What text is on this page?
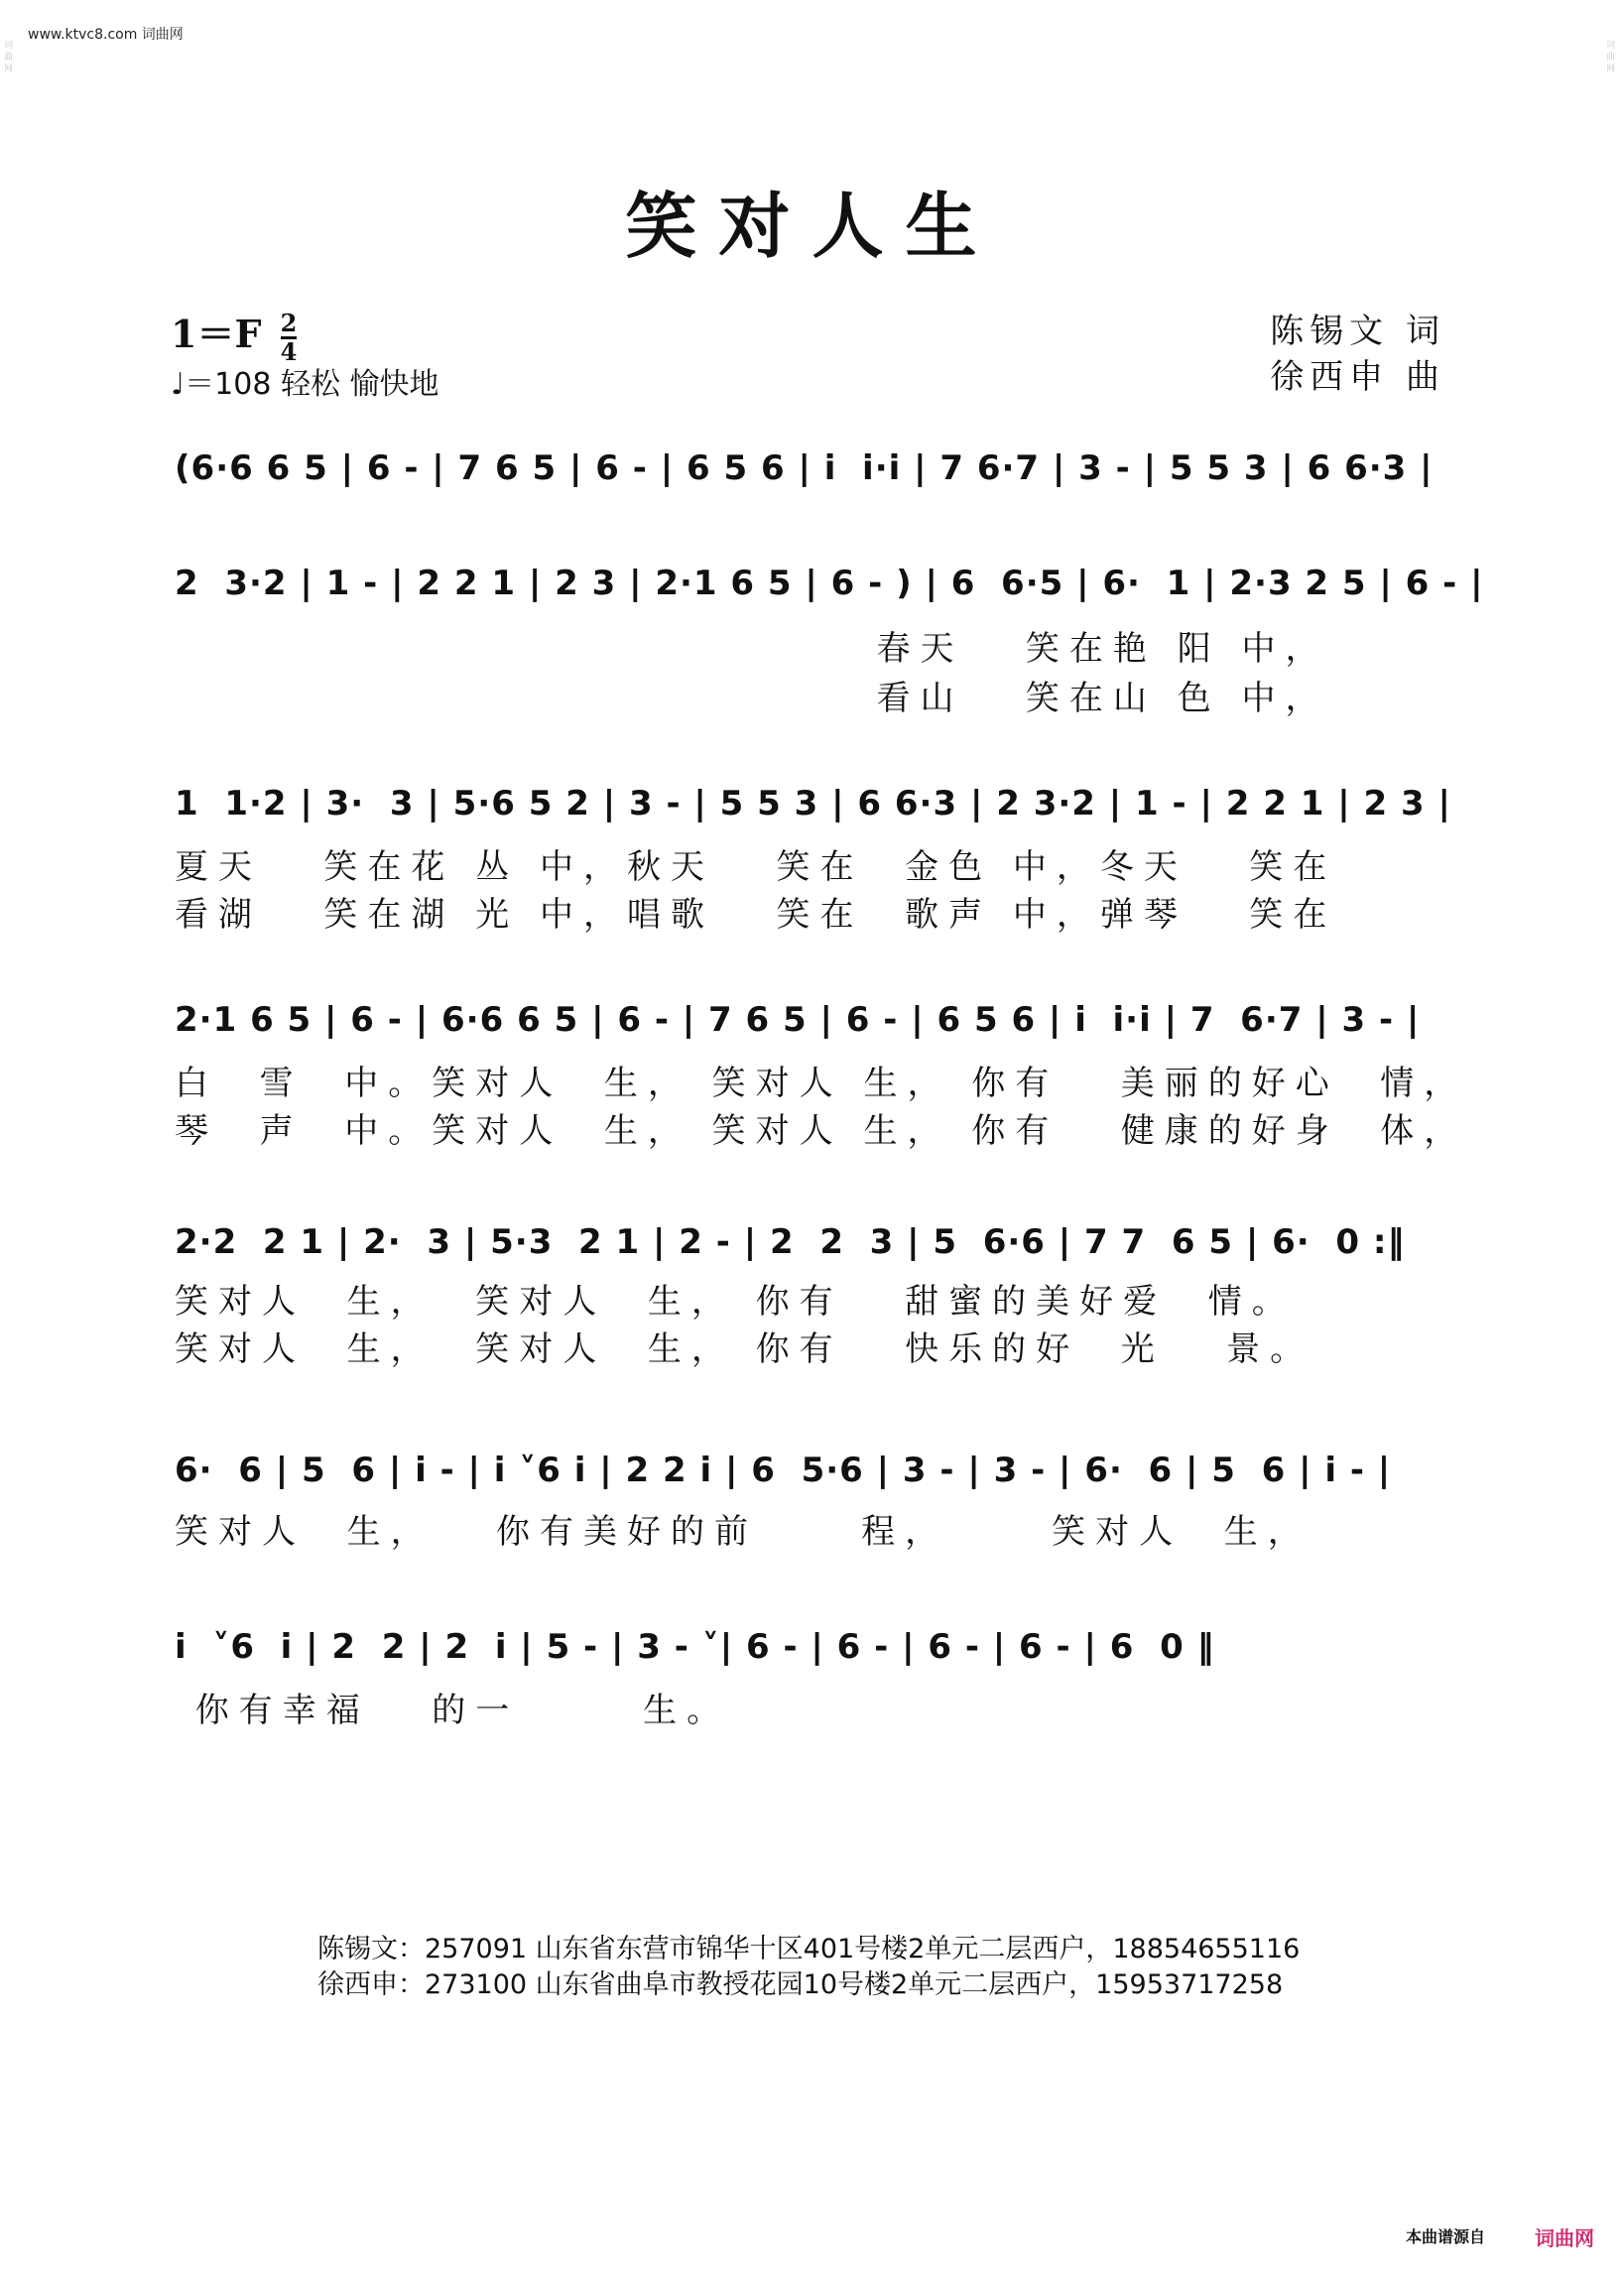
www.ktvc8.com 词曲网
词
曲
网
词
曲
网
笑对人生
$1=F \frac{2}{4}$
♩＝108 轻松 愉快地
陈锡文 词
徐西申 曲
(6·6 6 5 | 6 - | 7 6 5 | 6 - | 6 5 6 | i  i·i | 7 6·7 | 3 - | 5 5 3 | 6 6·3 |
2  3·2 | 1 - | 2 2 1 | 2 3 | 2·1 6 5 | 6 - ) | 6  6·5 | 6·  1 | 2·3 2 5 | 6 - |
春天   笑在艳 阳 中，
看山   笑在山 色 中，
1  1·2 | 3·  3 | 5·6 5 2 | 3 - | 5 5 3 | 6 6·3 | 2 3·2 | 1 - | 2 2 1 | 2 3 |
夏天   笑在花 丛 中，秋天   笑在  金色 中，冬天   笑在
看湖   笑在湖 光 中，唱歌   笑在  歌声 中，弹琴   笑在
2·1 6 5 | 6 - | 6·6 6 5 | 6 - | 7 6 5 | 6 - | 6 5 6 | i  i·i | 7  6·7 | 3 - |
白  雪  中。笑对人  生， 笑对人 生， 你有   美丽的好心  情，
琴  声  中。笑对人  生， 笑对人 生， 你有   健康的好身  体，
2·2  2 1 | 2·  3 | 5·3  2 1 | 2 - | 2  2  3 | 5  6·6 | 7 7  6 5 | 6·  0 :‖
笑对人  生，  笑对人  生， 你有   甜蜜的美好爱  情。
笑对人  生，  笑对人  生， 你有   快乐的好  光   景。
6·  6 | 5  6 | i - | i ˅6 i | 2 2 i | 6  5·6 | 3 - | 3 - | 6·  6 | 5  6 | i - |
笑对人  生，   你有美好的前     程，     笑对人  生，
i  ˅6  i | 2  2 | 2  i | 5 - | 3 - ˅| 6 - | 6 - | 6 - | 6 - | 6  0 ‖
你有幸福   的一      生。
陈锡文：257091 山东省东营市锦华十区401号楼2单元二层西户，18854655116
徐西申：273100 山东省曲阜市教授花园10号楼2单元二层西户，15953717258
本曲谱源自	词曲网
